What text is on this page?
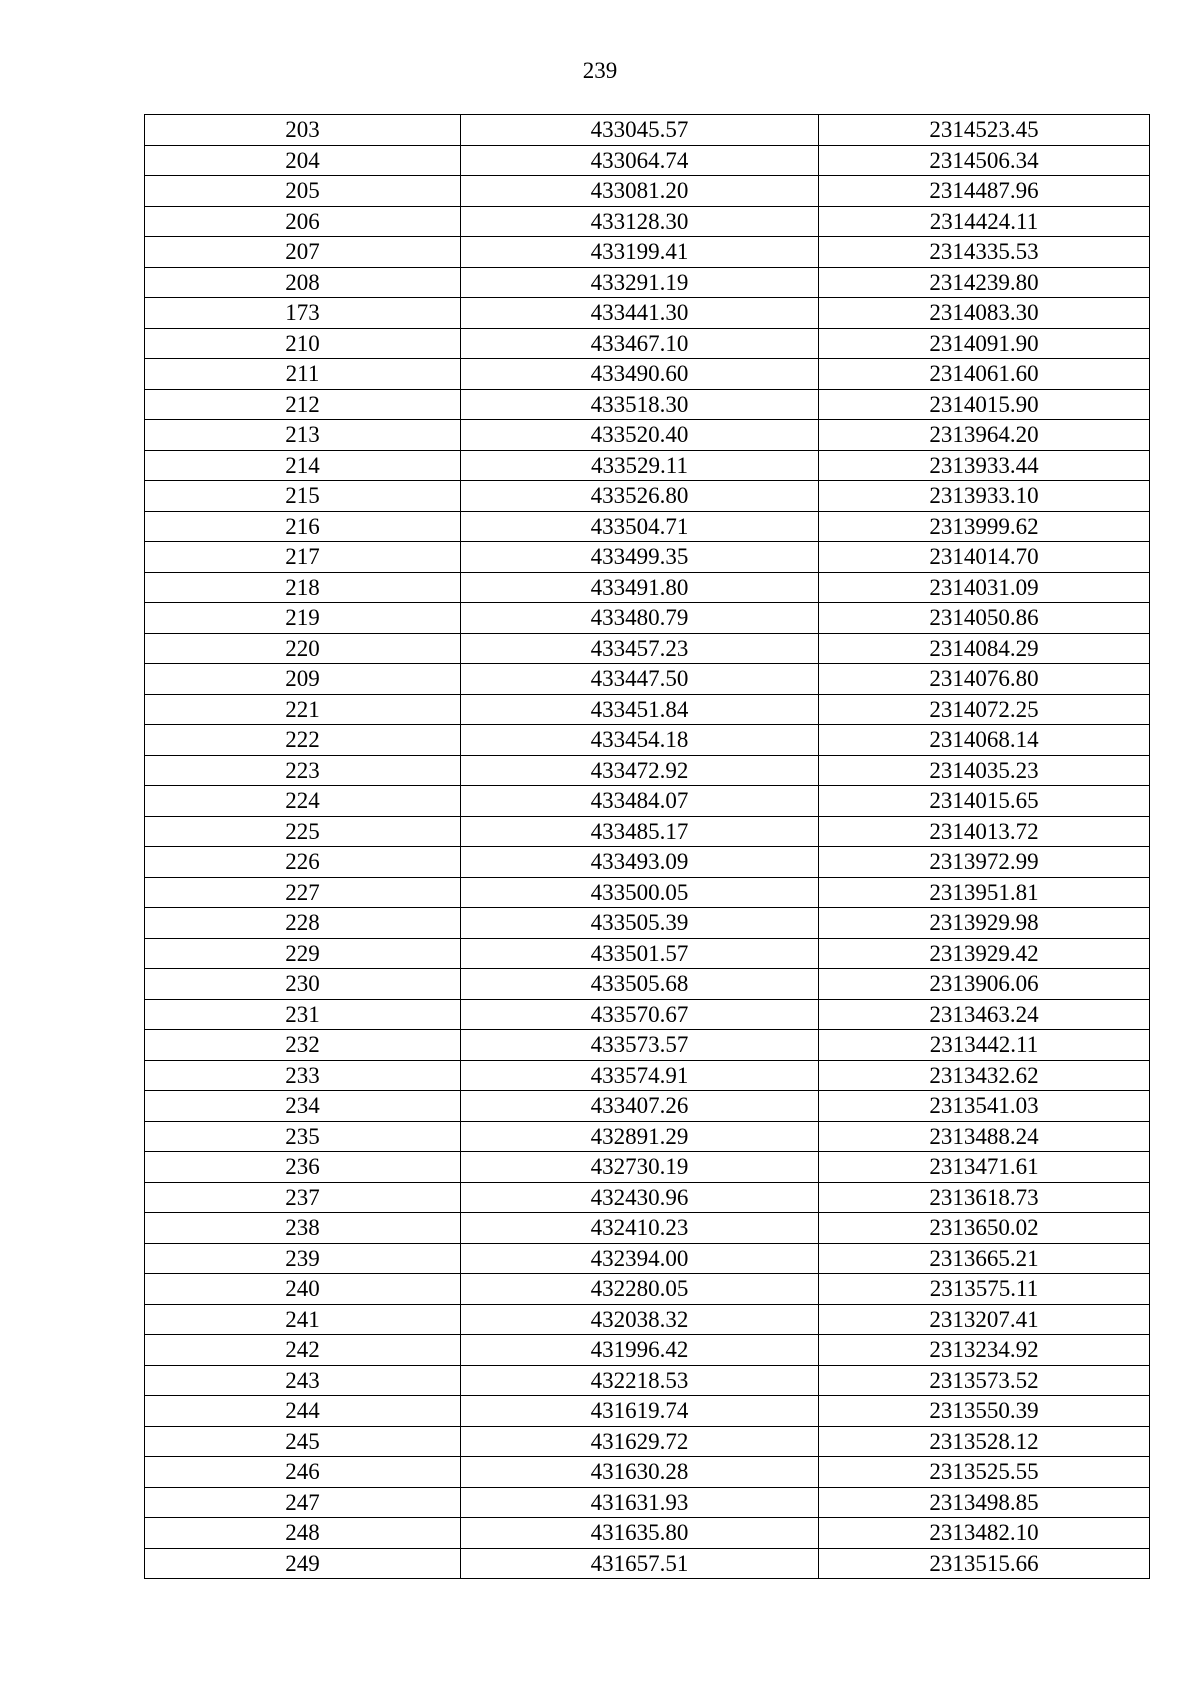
239
203	433045.57	2314523.45
204	433064.74	2314506.34
205	433081.20	2314487.96
206	433128.30	2314424.11
207	433199.41	2314335.53
208	433291.19	2314239.80
173	433441.30	2314083.30
210	433467.10	2314091.90
211	433490.60	2314061.60
212	433518.30	2314015.90
213	433520.40	2313964.20
214	433529.11	2313933.44
215	433526.80	2313933.10
216	433504.71	2313999.62
217	433499.35	2314014.70
218	433491.80	2314031.09
219	433480.79	2314050.86
220	433457.23	2314084.29
209	433447.50	2314076.80
221	433451.84	2314072.25
222	433454.18	2314068.14
223	433472.92	2314035.23
224	433484.07	2314015.65
225	433485.17	2314013.72
226	433493.09	2313972.99
227	433500.05	2313951.81
228	433505.39	2313929.98
229	433501.57	2313929.42
230	433505.68	2313906.06
231	433570.67	2313463.24
232	433573.57	2313442.11
233	433574.91	2313432.62
234	433407.26	2313541.03
235	432891.29	2313488.24
236	432730.19	2313471.61
237	432430.96	2313618.73
238	432410.23	2313650.02
239	432394.00	2313665.21
240	432280.05	2313575.11
241	432038.32	2313207.41
242	431996.42	2313234.92
243	432218.53	2313573.52
244	431619.74	2313550.39
245	431629.72	2313528.12
246	431630.28	2313525.55
247	431631.93	2313498.85
248	431635.80	2313482.10
249	431657.51	2313515.66
